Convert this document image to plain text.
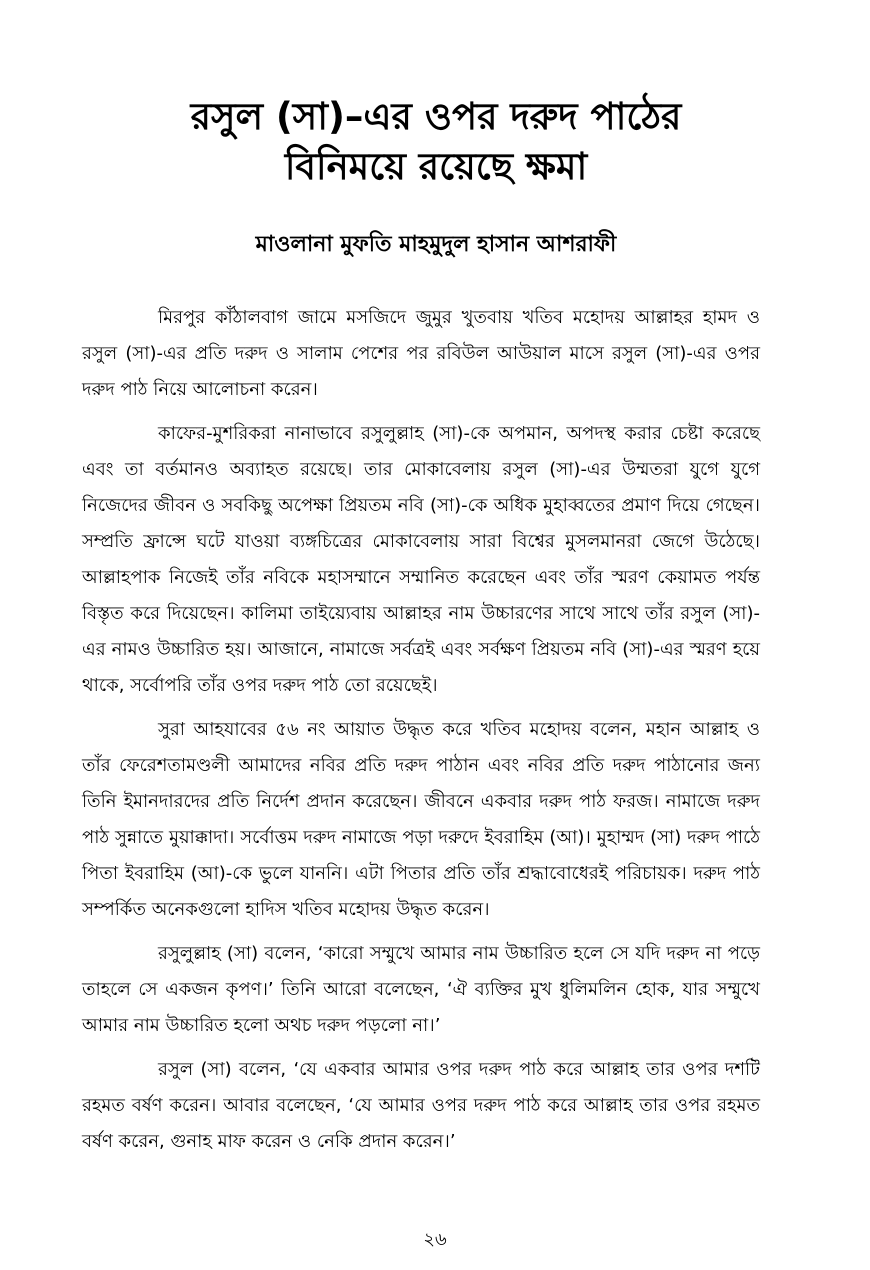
রসুল (সা)–এর ওপর দরুদ পাঠের
বিনিময়ে রয়েছে ক্ষমা
মাওলানা মুফতি মাহমুদুল হাসান আশরাফী

মিরপুর কাঁঠালবাগ জামে মসজিদে জুমুর খুতবায় খতিব মহোদয় আল্লাহর হামদ ও রসুল (সা)-এর প্রতি দরুদ ও সালাম পেশের পর রবিউল আউয়াল মাসে রসুল (সা)-এর ওপর দরুদ পাঠ নিয়ে আলোচনা করেন।

কাফের-মুশরিকরা নানাভাবে রসুলুল্লাহ (সা)-কে অপমান, অপদস্থ করার চেষ্টা করেছে এবং তা বর্তমানও অব্যাহত রয়েছে। তার মোকাবেলায় রসুল (সা)-এর উম্মতরা যুগে যুগে নিজেদের জীবন ও সবকিছু অপেক্ষা প্রিয়তম নবি (সা)-কে অধিক মুহাব্বতের প্রমাণ দিয়ে গেছেন। সম্প্রতি ফ্রান্সে ঘটে যাওয়া ব্যঙ্গচিত্রের মোকাবেলায় সারা বিশ্বের মুসলমানরা জেগে উঠেছে। আল্লাহপাক নিজেই তাঁর নবিকে মহাসম্মানে সম্মানিত করেছেন এবং তাঁর স্মরণ কেয়ামত পর্যন্ত বিস্তৃত করে দিয়েছেন। কালিমা তাইয়্যেবায় আল্লাহর নাম উচ্চারণের সাথে সাথে তাঁর রসুল (সা)-এর নামও উচ্চারিত হয়। আজানে, নামাজে সর্বত্রই এবং সর্বক্ষণ প্রিয়তম নবি (সা)-এর স্মরণ হয়ে থাকে, সর্বোপরি তাঁর ওপর দরুদ পাঠ তো রয়েছেই।

সুরা আহযাবের ৫৬ নং আয়াত উদ্ধৃত করে খতিব মহোদয় বলেন, মহান আল্লাহ ও তাঁর ফেরেশতামণ্ডলী আমাদের নবির প্রতি দরুদ পাঠান এবং নবির প্রতি দরুদ পাঠানোর জন্য তিনি ইমানদারদের প্রতি নির্দেশ প্রদান করেছেন। জীবনে একবার দরুদ পাঠ ফরজ। নামাজে দরুদ পাঠ সুন্নাতে মুয়াক্কাদা। সর্বোত্তম দরুদ নামাজে পড়া দরুদে ইবরাহিম (আ)। মুহাম্মদ (সা) দরুদ পাঠে পিতা ইবরাহিম (আ)-কে ভুলে যাননি। এটা পিতার প্রতি তাঁর শ্রদ্ধাবোধেরই পরিচায়ক। দরুদ পাঠ সম্পর্কিত অনেকগুলো হাদিস খতিব মহোদয় উদ্ধৃত করেন।

রসুলুল্লাহ (সা) বলেন, ‘কারো সম্মুখে আমার নাম উচ্চারিত হলে সে যদি দরুদ না পড়ে তাহলে সে একজন কৃপণ।’ তিনি আরো বলেছেন, ‘ঐ ব্যক্তির মুখ ধুলিমলিন হোক, যার সম্মুখে আমার নাম উচ্চারিত হলো অথচ দরুদ পড়লো না।’

রসুল (সা) বলেন, ‘যে একবার আমার ওপর দরুদ পাঠ করে আল্লাহ তার ওপর দশটি রহমত বর্ষণ করেন। আবার বলেছেন, ‘যে আমার ওপর দরুদ পাঠ করে আল্লাহ তার ওপর রহমত বর্ষণ করেন, গুনাহ মাফ করেন ও নেকি প্রদান করেন।’

২৬
